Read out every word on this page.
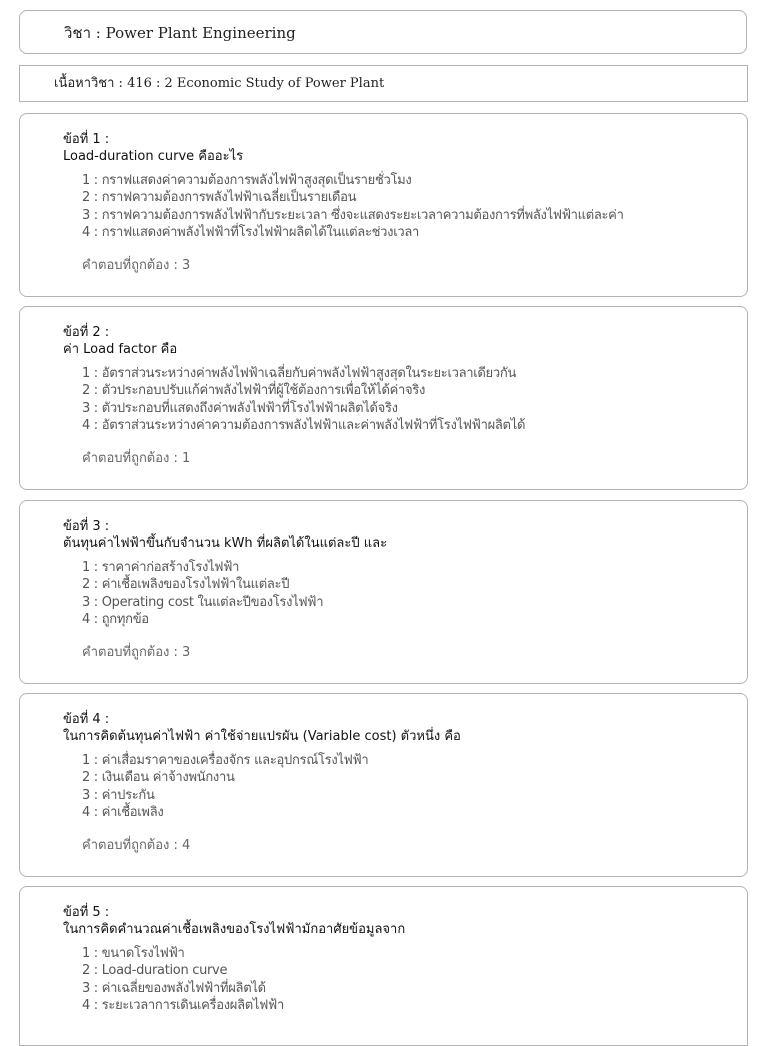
วิชา : Power Plant Engineering
เนื้อหาวิชา : 416 : 2 Economic Study of Power Plant

ข้อที่ 1 :

Load-duration curve คืออะไร

1 : กราฟแสดงค่าความต้องการพลังไฟฟ้าสูงสุดเป็นรายชั่วโมง
2 : กราฟความต้องการพลังไฟฟ้าเฉลี่ยเป็นรายเดือน
3 : กราฟความต้องการพลังไฟฟ้ากับระยะเวลา ซึ่งจะแสดงระยะเวลาความต้องการที่พลังไฟฟ้าแต่ละค่า
4 : กราฟแสดงค่าพลังไฟฟ้าที่โรงไฟฟ้าผลิตได้ในแต่ละช่วงเวลา

คำตอบที่ถูกต้อง : 3

ข้อที่ 2 :

ค่า Load factor คือ

1 : อัตราส่วนระหว่างค่าพลังไฟฟ้าเฉลี่ยกับค่าพลังไฟฟ้าสูงสุดในระยะเวลาเดียวกัน
2 : ตัวประกอบปรับแก้ค่าพลังไฟฟ้าที่ผู้ใช้ต้องการเพื่อให้ได้ค่าจริง
3 : ตัวประกอบที่แสดงถึงค่าพลังไฟฟ้าที่โรงไฟฟ้าผลิตได้จริง
4 : อัตราส่วนระหว่างค่าความต้องการพลังไฟฟ้าและค่าพลังไฟฟ้าที่โรงไฟฟ้าผลิตได้

คำตอบที่ถูกต้อง : 1

ข้อที่ 3 :

ต้นทุนค่าไฟฟ้าขึ้นกับจำนวน kWh ที่ผลิตได้ในแต่ละปี และ

1 : ราคาค่าก่อสร้างโรงไฟฟ้า
2 : ค่าเชื้อเพลิงของโรงไฟฟ้าในแต่ละปี
3 : Operating cost ในแต่ละปีของโรงไฟฟ้า
4 : ถูกทุกข้อ

คำตอบที่ถูกต้อง : 3

ข้อที่ 4 :

ในการคิดต้นทุนค่าไฟฟ้า ค่าใช้จ่ายแปรผัน (Variable cost) ตัวหนึ่ง คือ

1 : ค่าเสื่อมราคาของเครื่องจักร และอุปกรณ์โรงไฟฟ้า
2 : เงินเดือน ค่าจ้างพนักงาน
3 : ค่าประกัน
4 : ค่าเชื้อเพลิง

คำตอบที่ถูกต้อง : 4

ข้อที่ 5 :

ในการคิดคำนวณค่าเชื้อเพลิงของโรงไฟฟ้ามักอาศัยข้อมูลจาก

1 : ขนาดโรงไฟฟ้า
2 : Load-duration curve
3 : ค่าเฉลี่ยของพลังไฟฟ้าที่ผลิตได้
4 : ระยะเวลาการเดินเครื่องผลิตไฟฟ้า
